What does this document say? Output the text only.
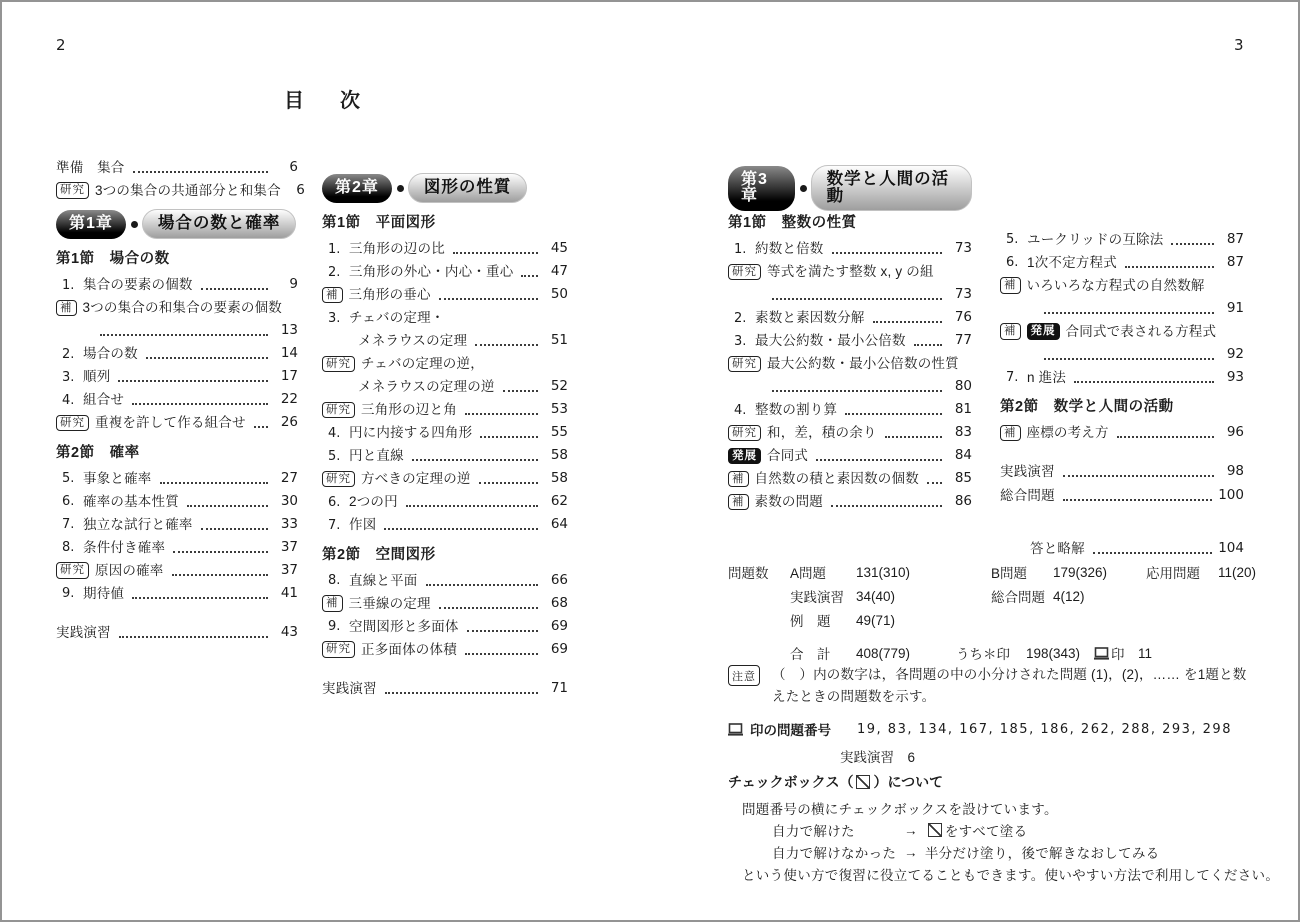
2	3
目　次
準備　集合	6
研究 3つの集合の共通部分と和集合	6
第1章	場合の数と確率
第1節　場合の数
1. 集合の要素の個数	9
補 3つの集合の和集合の要素の個数
13
2. 場合の数	14
3. 順列	17
4. 組合せ	22
研究 重複を許して作る組合せ	26
第2節　確率
5. 事象と確率	27
6. 確率の基本性質	30
7. 独立な試行と確率	33
8. 条件付き確率	37
研究 原因の確率	37
9. 期待値	41
実践演習	43
第2章	図形の性質
第1節　平面図形
1. 三角形の辺の比	45
2. 三角形の外心・内心・重心	47
補 三角形の垂心	50
3. チェバの定理・
メネラウスの定理	51
研究 チェバの定理の逆，
メネラウスの定理の逆	52
研究 三角形の辺と角	53
4. 円に内接する四角形	55
5. 円と直線	58
研究 方べきの定理の逆	58
6. 2つの円	62
7. 作図	64
第2節　空間図形
8. 直線と平面	66
補 三垂線の定理	68
9. 空間図形と多面体	69
研究 正多面体の体積	69
実践演習	71
第3章
数学と人間の活動
第1節　整数の性質
1. 約数と倍数	73
研究 等式を満たす整数 x, y の組
73
2. 素数と素因数分解	76
3. 最大公約数・最小公倍数	77
研究 最大公約数・最小公倍数の性質
80
4. 整数の割り算	81
研究 和，差，積の余り	83
発展 合同式	84
補 自然数の積と素因数の個数	85
補 素数の問題	86
5. ユークリッドの互除法	87
6. 1次不定方程式	87
補 いろいろな方程式の自然数解
91
補	発展 合同式で表される方程式
92
7. n 進法	93
第2節　数学と人間の活動
補 座標の考え方	96
実践演習	98
総合問題	100
答と略解	104
問題数	A問題	131(310)	B問題	179(326)	応用問題	11(20)
実践演習 34(40)	総合問題 4(12)
例　題	49(71)
合　計	408(779)	うち＊印	198(343)	印 11
注意 （　）内の数字は，各問題の中の小分けされた問題 (1)，(2)，…… を1題と数えたときの問題数を示す。
印の問題番号 19, 83, 134, 167, 185, 186, 262, 288, 293, 298
実践演習　6
チェックボックス（ ）について
問題番号の横にチェックボックスを設けています。
自力で解けた	→  をすべて塗る
自力で解けなかった →  半分だけ塗り，後で解きなおしてみる
という使い方で復習に役立てることもできます。使いやすい方法で利用してください。
